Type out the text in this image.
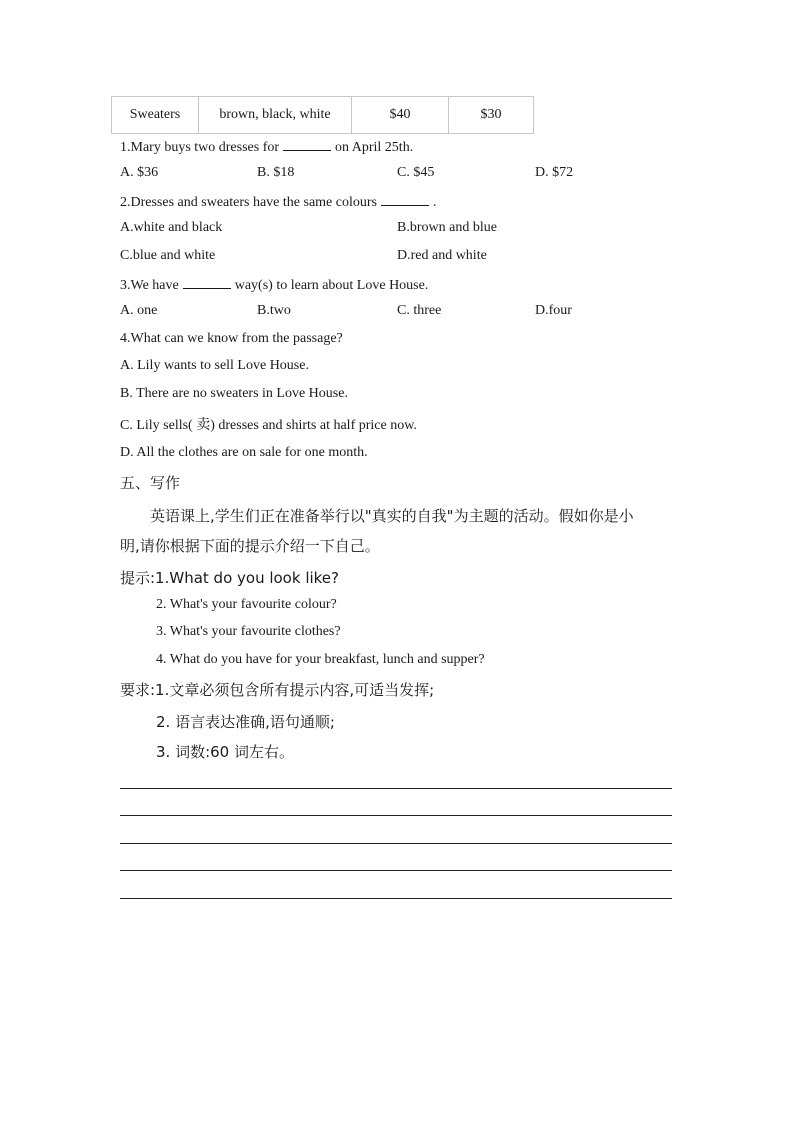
Sweaters	brown, black, white	$40	$30
1.Mary buys two dresses for	on April 25th.
A. $36	B. $18	C. $45	D. $72
2.Dresses and sweaters have the same colours	.
A.white and black	B.brown and blue
C.blue and white	D.red and white
3.We have	way(s) to learn about Love House.
A. one	B.two	C. three	D.four
4.What can we know from the passage?
A. Lily wants to sell Love House.
B. There are no sweaters in Love House.
C. Lily sells( 卖) dresses and shirts at half price now.
D. All the clothes are on sale for one month.
五、写作
英语课上,学生们正在准备举行以"真实的自我"为主题的活动。假如你是小
明,请你根据下面的提示介绍一下自己。
提示:1.What do you look like?
2. What's your favourite colour?
3. What's your favourite clothes?
4. What do you have for your breakfast, lunch and supper?
要求:1.文章必须包含所有提示内容,可适当发挥;
2. 语言表达准确,语句通顺;
3. 词数:60 词左右。
